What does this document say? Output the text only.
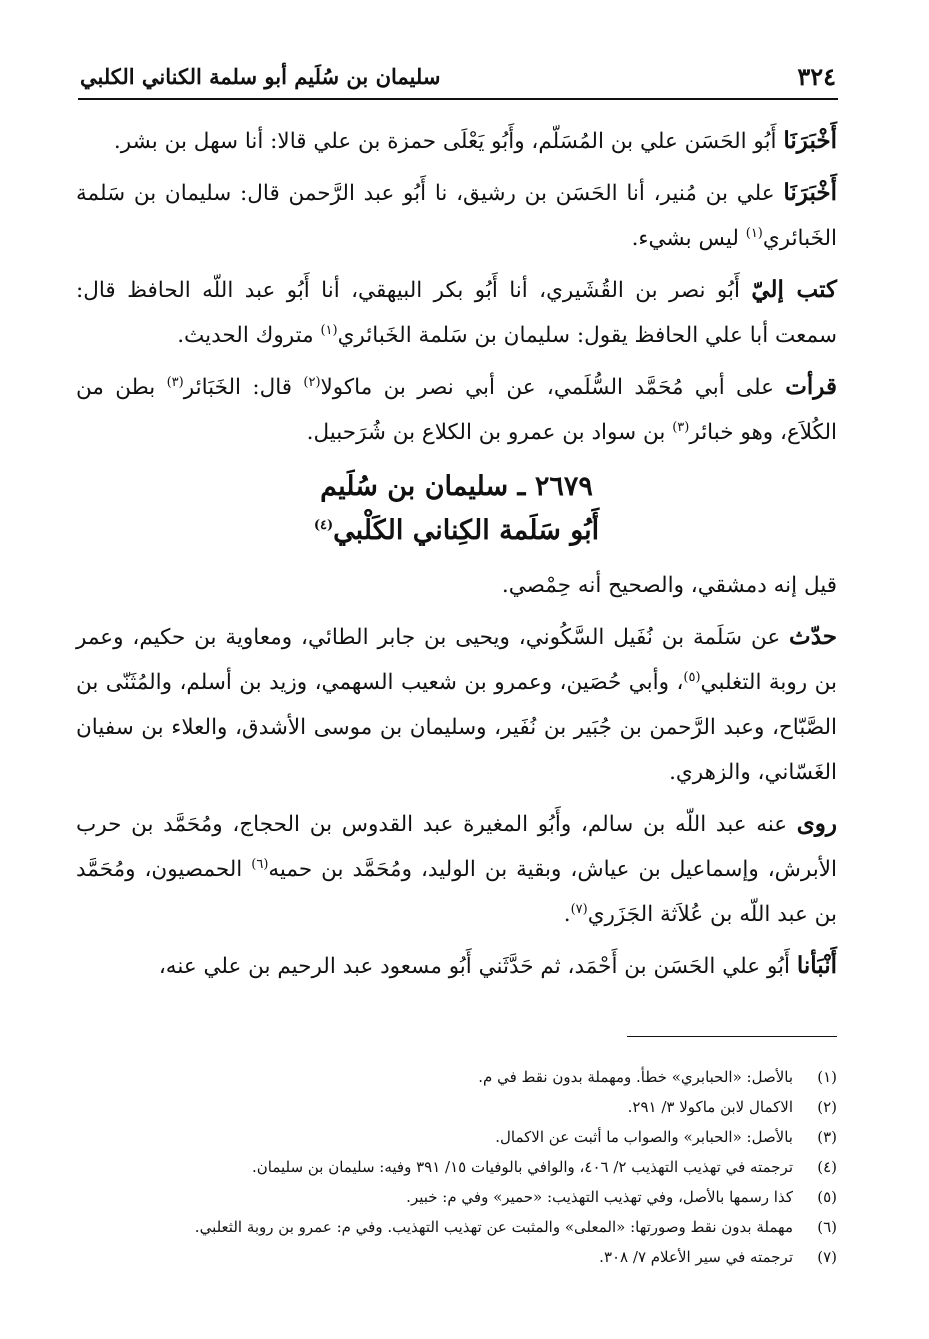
٣٢٤
سليمان بن سُلَيم أبو سلمة الكناني الكلبي

أَخْبَرَنَا أَبُو الحَسَن علي بن المُسَلّم، وأَبُو يَعْلَى حمزة بن علي قالا: أنا سهل بن بشر.

أَخْبَرَنَا علي بن مُنير، أنا الحَسَن بن رشيق، نا أَبُو عبد الرَّحمن قال: سليمان بن سَلمة الخَبائري$^{(١)}$ ليس بشيء.

كتب إليّ أَبُو نصر بن القُشَيري، أنا أَبُو بكر البيهقي، أنا أَبُو عبد اللّه الحافظ قال: سمعت أبا علي الحافظ يقول: سليمان بن سَلمة الخَبائري$^{(١)}$ متروك الحديث.

قرأت على أبي مُحَمَّد السُّلَمي، عن أبي نصر بن ماكولا$^{(٢)}$ قال: الخَبَائر$^{(٣)}$ بطن من الكُلاَع، وهو خبائر$^{(٣)}$ بن سواد بن عمرو بن الكلاع بن شُرَحبيل.

٢٦٧٩ ـ سليمان بن سُلَيم
أَبُو سَلَمة الكِناني الكَلْبي$^{(٤)}$

قيل إنه دمشقي، والصحيح أنه حِمْصي.

حدّث عن سَلَمة بن نُفَيل السَّكُوني، ويحيى بن جابر الطائي، ومعاوية بن حكيم، وعمر بن روبة التغلبي$^{(٥)}$، وأبي حُصَين، وعمرو بن شعيب السهمي، وزيد بن أسلم، والمُثَنّى بن الصَّبّاح، وعبد الرَّحمن بن جُبَير بن نُفَير، وسليمان بن موسى الأشدق، والعلاء بن سفيان الغَسّاني، والزهري.

روى عنه عبد اللّه بن سالم، وأَبُو المغيرة عبد القدوس بن الحجاج، ومُحَمَّد بن حرب الأبرش، وإسماعيل بن عياش، وبقية بن الوليد، ومُحَمَّد بن حميه$^{(٦)}$ الحمصيون، ومُحَمَّد بن عبد اللّه بن عُلاَثة الجَزَري$^{(٧)}$.

أَنْبَأنا أَبُو علي الحَسَن بن أَحْمَد، ثم حَدَّثَني أَبُو مسعود عبد الرحيم بن علي عنه،

(١)
بالأصل: «الحبابري» خطأ. ومهملة بدون نقط في م.
(٢)
الاكمال لابن ماكولا ٣/ ٢٩١.
(٣)
بالأصل: «الحبابر» والصواب ما أثبت عن الاكمال.
(٤)
ترجمته في تهذيب التهذيب ٢/ ٤٠٦، والوافي بالوفيات ١٥/ ٣٩١ وفيه: سليمان بن سليمان.
(٥)
كذا رسمها بالأصل، وفي تهذيب التهذيب: «حمير» وفي م: خبير.
(٦)
مهملة بدون نقط وصورتها: «المعلى» والمثبت عن تهذيب التهذيب. وفي م: عمرو بن روبة الثعلبي.
(٧)
ترجمته في سير الأعلام ٧/ ٣٠٨.
